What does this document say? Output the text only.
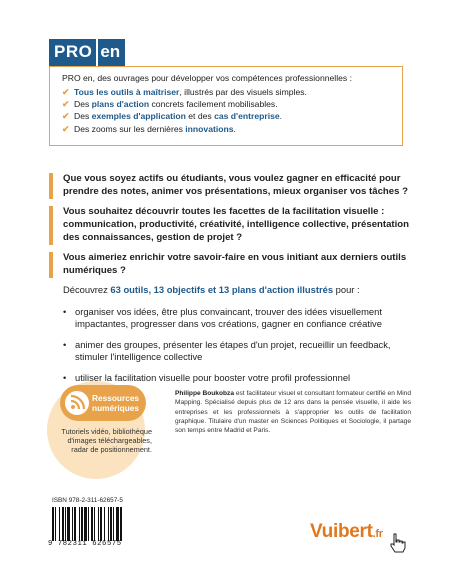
PRO en
PRO en, des ouvrages pour développer vos compétences professionnelles :
✔ Tous les outils à maîtriser, illustrés par des visuels simples.
✔ Des plans d'action concrets facilement mobilisables.
✔ Des exemples d'application et des cas d'entreprise.
✔ Des zooms sur les dernières innovations.

Que vous soyez actifs ou étudiants, vous voulez gagner en efficacité pour prendre des notes, animer vos présentations, mieux organiser vos tâches ?

Vous souhaitez découvrir toutes les facettes de la facilitation visuelle : communication, productivité, créativité, intelligence collective, présentation des connaissances, gestion de projet ?

Vous aimeriez enrichir votre savoir-faire en vous initiant aux derniers outils numériques ?

Découvrez 63 outils, 13 objectifs et 13 plans d'action illustrés pour :

• organiser vos idées, être plus convaincant, trouver des idées visuellement impactantes, progresser dans vos créations, gagner en confiance créative
• animer des groupes, présenter les étapes d'un projet, recueillir un feedback, stimuler l'intelligence collective
• utiliser la facilitation visuelle pour booster votre profil professionnel
Ressources
numériques
Tutoriels vidéo, bibliothèque d'images téléchargeables, radar de positionnement.

Philippe Boukobza est facilitateur visuel et consultant formateur certifié en Mind Mapping. Spécialisé depuis plus de 12 ans dans la pensée visuelle, il aide les entreprises et les professionnels à s'approprier les outils de facilitation graphique. Titulaire d'un master en Sciences Politiques et Sociologie, il partage son temps entre Madrid et Paris.

ISBN 978-2-311-62657-5
9 782311 626575
Vuibert.fr
